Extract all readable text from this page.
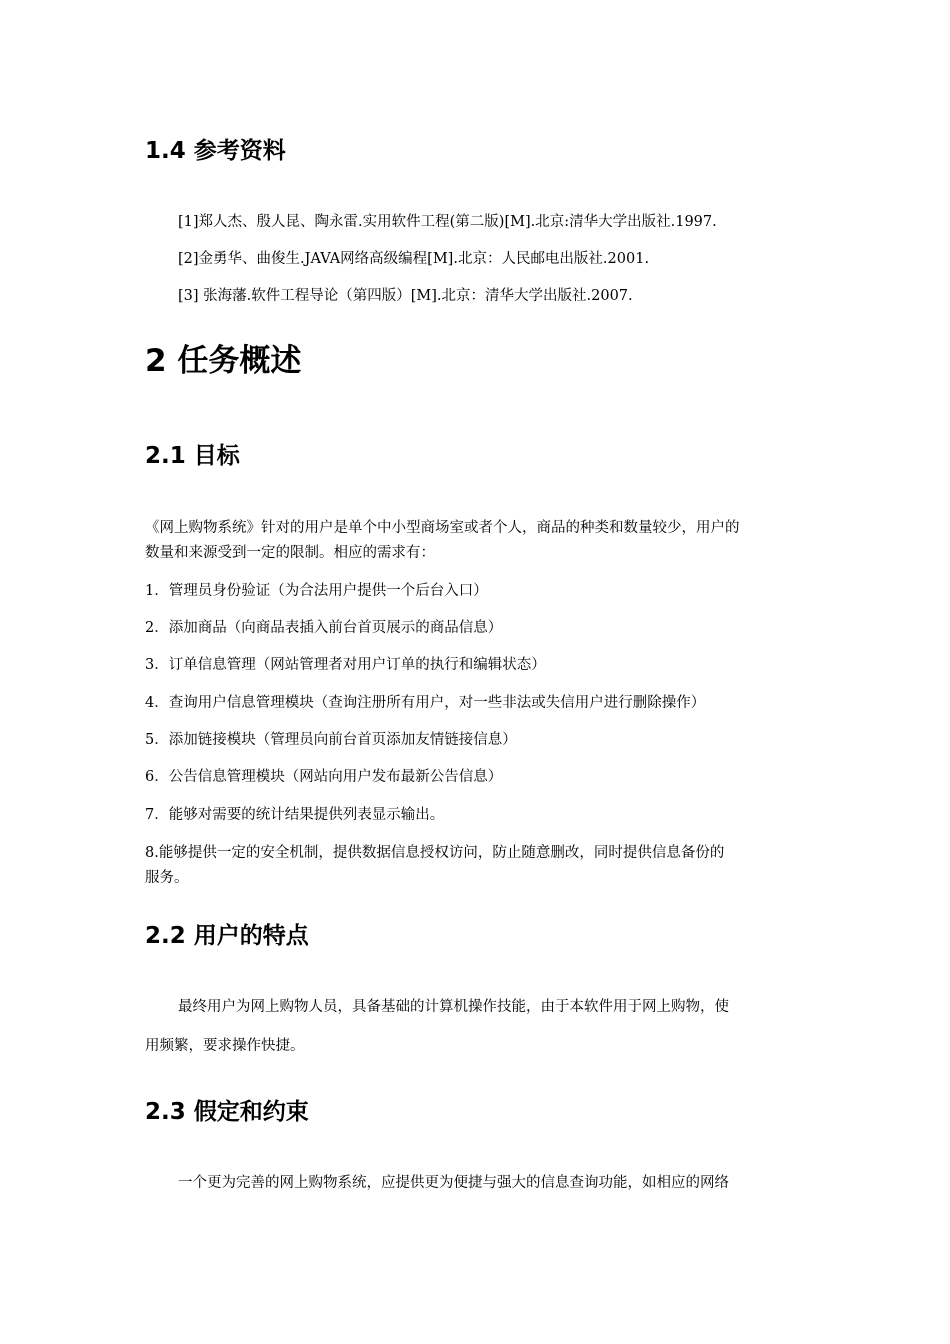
1.4 参考资料

[1]郑人杰、殷人昆、陶永雷.实用软件工程(第二版)[M].北京:清华大学出版社.1997.

[2]金勇华、曲俊生.JAVA网络高级编程[M].北京：人民邮电出版社.2001.

[3] 张海藩.软件工程导论（第四版）[M].北京：清华大学出版社.2007.

2 任务概述
2.1 目标

《网上购物系统》针对的用户是单个中小型商场室或者个人，商品的种类和数量较少，用户的

数量和来源受到一定的限制。相应的需求有：

1．管理员身份验证（为合法用户提供一个后台入口）

2．添加商品（向商品表插入前台首页展示的商品信息）

3．订单信息管理（网站管理者对用户订单的执行和编辑状态）

4．查询用户信息管理模块（查询注册所有用户，对一些非法或失信用户进行删除操作）

5．添加链接模块（管理员向前台首页添加友情链接信息）

6．公告信息管理模块（网站向用户发布最新公告信息）

7．能够对需要的统计结果提供列表显示输出。

8.能够提供一定的安全机制，提供数据信息授权访问，防止随意删改，同时提供信息备份的

服务。

2.2 用户的特点

最终用户为网上购物人员，具备基础的计算机操作技能，由于本软件用于网上购物，使

用频繁，要求操作快捷。

2.3 假定和约束

一个更为完善的网上购物系统，应提供更为便捷与强大的信息查询功能，如相应的网络
